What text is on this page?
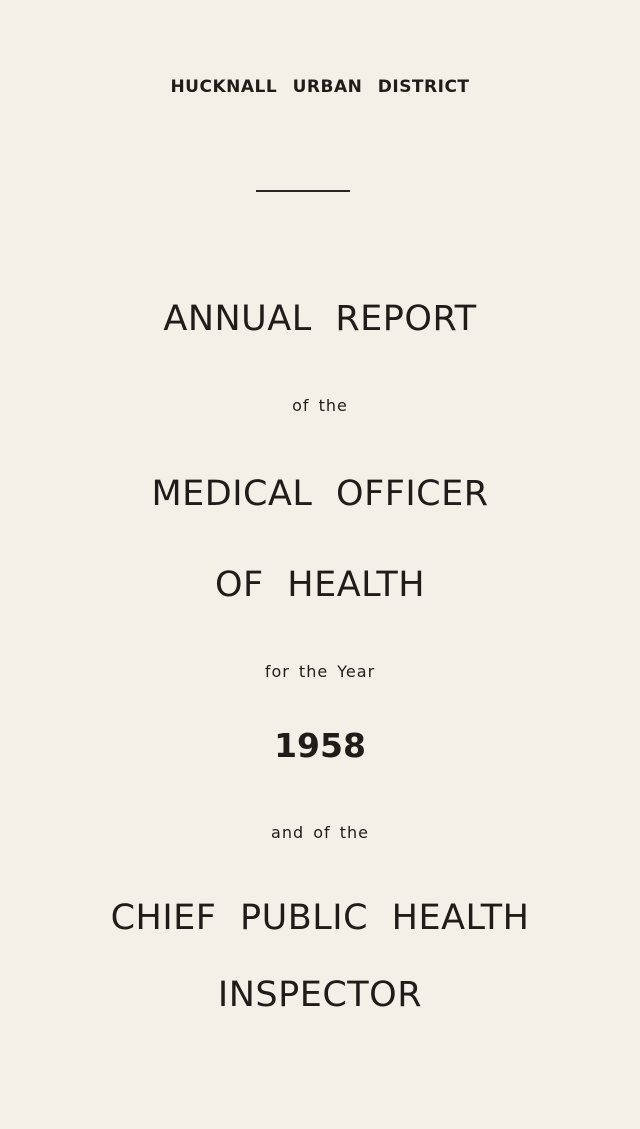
HUCKNALL URBAN DISTRICT
ANNUAL REPORT
of the
MEDICAL OFFICER
OF HEALTH
for the Year
1958
and of the
CHIEF PUBLIC HEALTH
INSPECTOR
